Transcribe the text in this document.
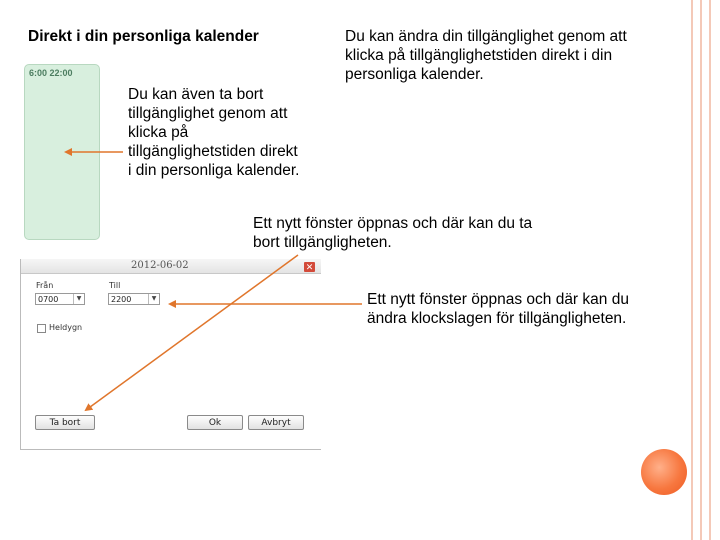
Direkt i din personliga kalender	Du kan ändra din tillgänglighet genom att
klicka på tillgänglighetstiden direkt i din
personliga kalender.
6:00 22:00
Du kan även ta bort
tillgänglighet genom att
klicka på
tillgänglighetstiden direkt
i din personliga kalender.
Ett nytt fönster öppnas och där kan du ta
bort tillgängligheten.
Ett nytt fönster öppnas och där kan du
ändra klockslagen för tillgängligheten.
2012-06-02	✕
Från
0700	▼
Till
2200	▼
Heldygn
Ta bort	Ok	Avbryt
